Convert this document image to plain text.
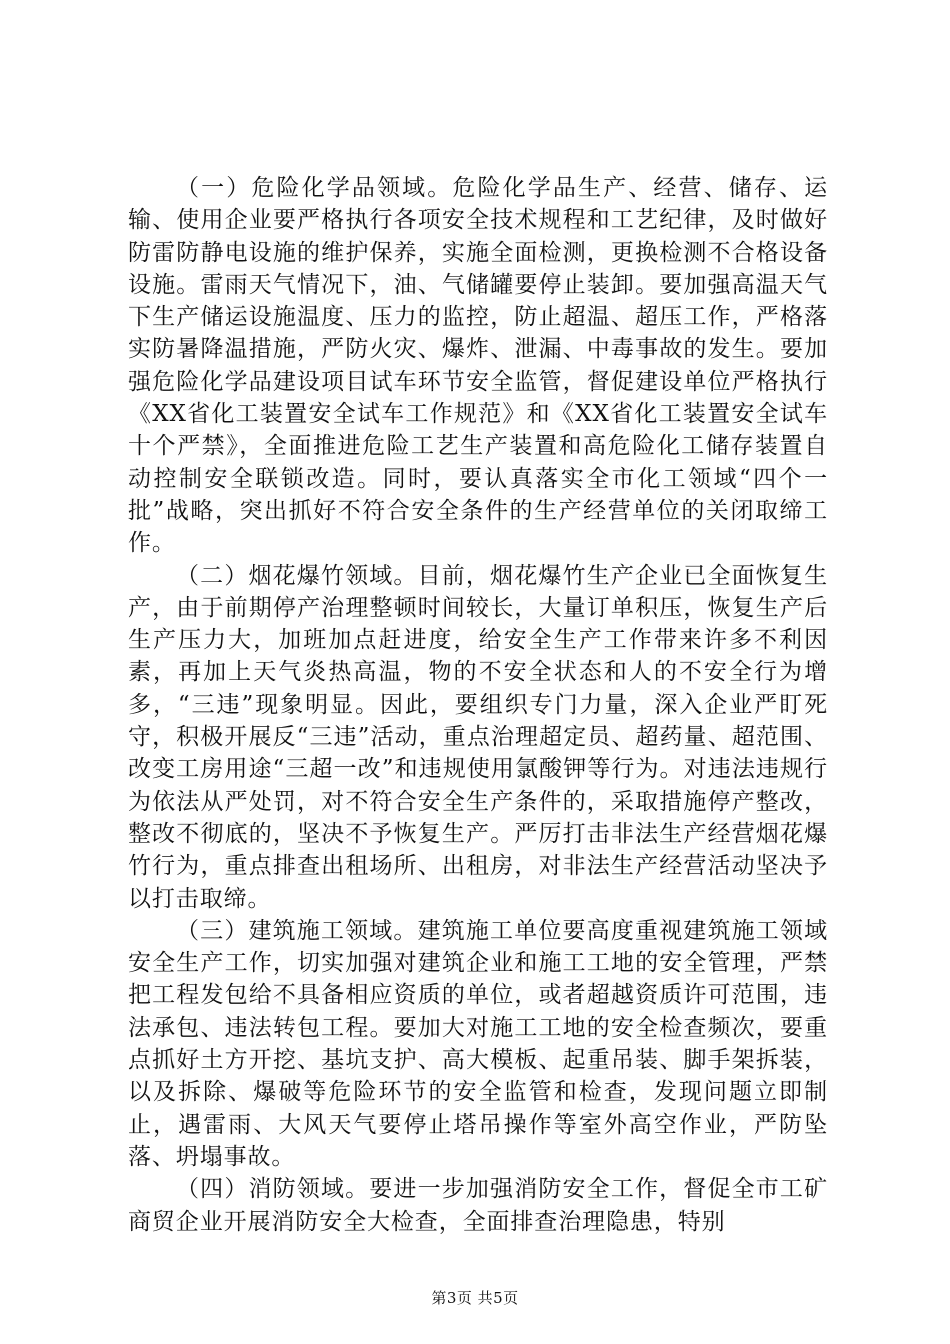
（一）危险化学品领域。危险化学品生产、经营、储存、运输、使用企业要严格执行各项安全技术规程和工艺纪律，及时做好防雷防静电设施的维护保养，实施全面检测，更换检测不合格设备设施。雷雨天气情况下，油、气储罐要停止装卸。要加强高温天气下生产储运设施温度、压力的监控，防止超温、超压工作，严格落实防暑降温措施，严防火灾、爆炸、泄漏、中毒事故的发生。要加强危险化学品建设项目试车环节安全监管，督促建设单位严格执行《XX省化工装置安全试车工作规范》和《XX省化工装置安全试车十个严禁》，全面推进危险工艺生产装置和高危险化工储存装置自动控制安全联锁改造。同时，要认真落实全市化工领域“四个一批”战略，突出抓好不符合安全条件的生产经营单位的关闭取缔工作。

（二）烟花爆竹领域。目前，烟花爆竹生产企业已全面恢复生产，由于前期停产治理整顿时间较长，大量订单积压，恢复生产后生产压力大，加班加点赶进度，给安全生产工作带来许多不利因素，再加上天气炎热高温，物的不安全状态和人的不安全行为增多，“三违”现象明显。因此，要组织专门力量，深入企业严盯死守，积极开展反“三违”活动，重点治理超定员、超药量、超范围、改变工房用途“三超一改”和违规使用氯酸钾等行为。对违法违规行为依法从严处罚，对不符合安全生产条件的，采取措施停产整改，整改不彻底的，坚决不予恢复生产。严厉打击非法生产经营烟花爆竹行为，重点排查出租场所、出租房，对非法生产经营活动坚决予以打击取缔。

（三）建筑施工领域。建筑施工单位要高度重视建筑施工领域安全生产工作，切实加强对建筑企业和施工工地的安全管理，严禁把工程发包给不具备相应资质的单位，或者超越资质许可范围，违法承包、违法转包工程。要加大对施工工地的安全检查频次，要重点抓好土方开挖、基坑支护、高大模板、起重吊装、脚手架拆装，以及拆除、爆破等危险环节的安全监管和检查，发现问题立即制止，遇雷雨、大风天气要停止塔吊操作等室外高空作业，严防坠落、坍塌事故。

（四）消防领域。要进一步加强消防安全工作，督促全市工矿商贸企业开展消防安全大检查，全面排查治理隐患，特别

第3页 共5页
